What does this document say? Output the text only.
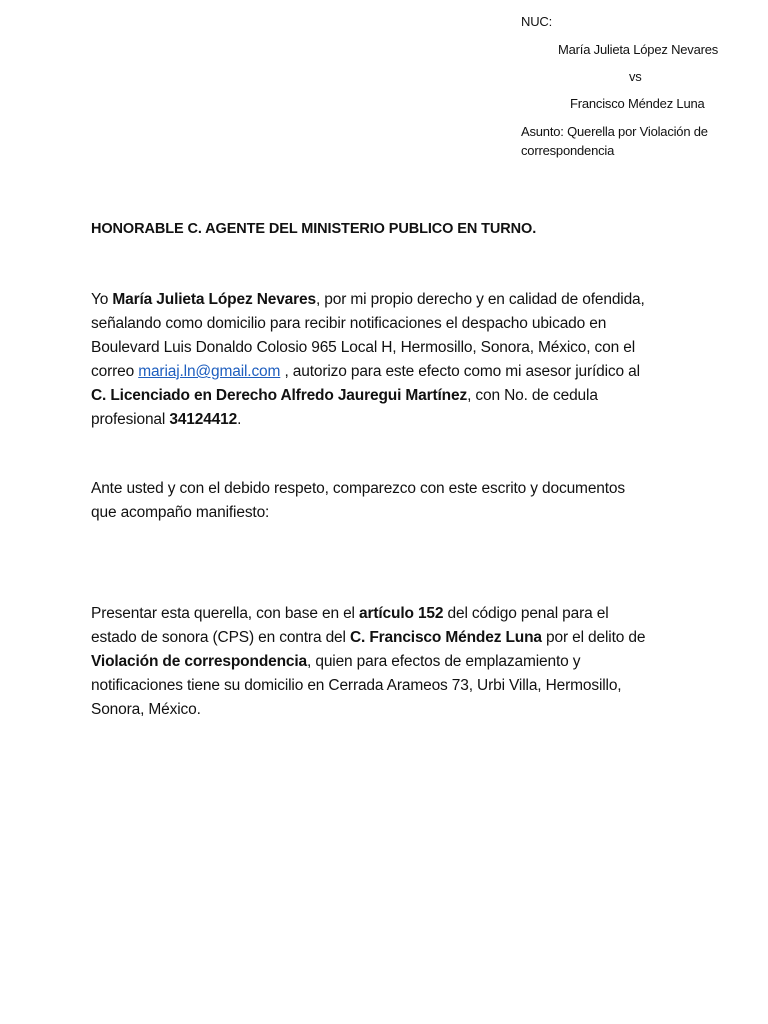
NUC:

María Julieta López Nevares

vs

Francisco Méndez Luna

Asunto: Querella por Violación de
correspondencia

HONORABLE C. AGENTE DEL MINISTERIO PUBLICO EN TURNO.

Yo María Julieta López Nevares, por mi propio derecho y en calidad de ofendida,
señalando como domicilio para recibir notificaciones el despacho ubicado en
Boulevard Luis Donaldo Colosio 965 Local H, Hermosillo, Sonora, México, con el
correo mariaj.ln@gmail.com , autorizo para este efecto como mi asesor jurídico al
C. Licenciado en Derecho Alfredo Jauregui Martínez, con No. de cedula
profesional 34124412.

Ante usted y con el debido respeto, comparezco con este escrito y documentos
que acompaño manifiesto:

Presentar esta querella, con base en el artículo 152 del código penal para el
estado de sonora (CPS) en contra del C. Francisco Méndez Luna por el delito de
Violación de correspondencia, quien para efectos de emplazamiento y
notificaciones tiene su domicilio en Cerrada Arameos 73, Urbi Villa, Hermosillo,
Sonora, México.
